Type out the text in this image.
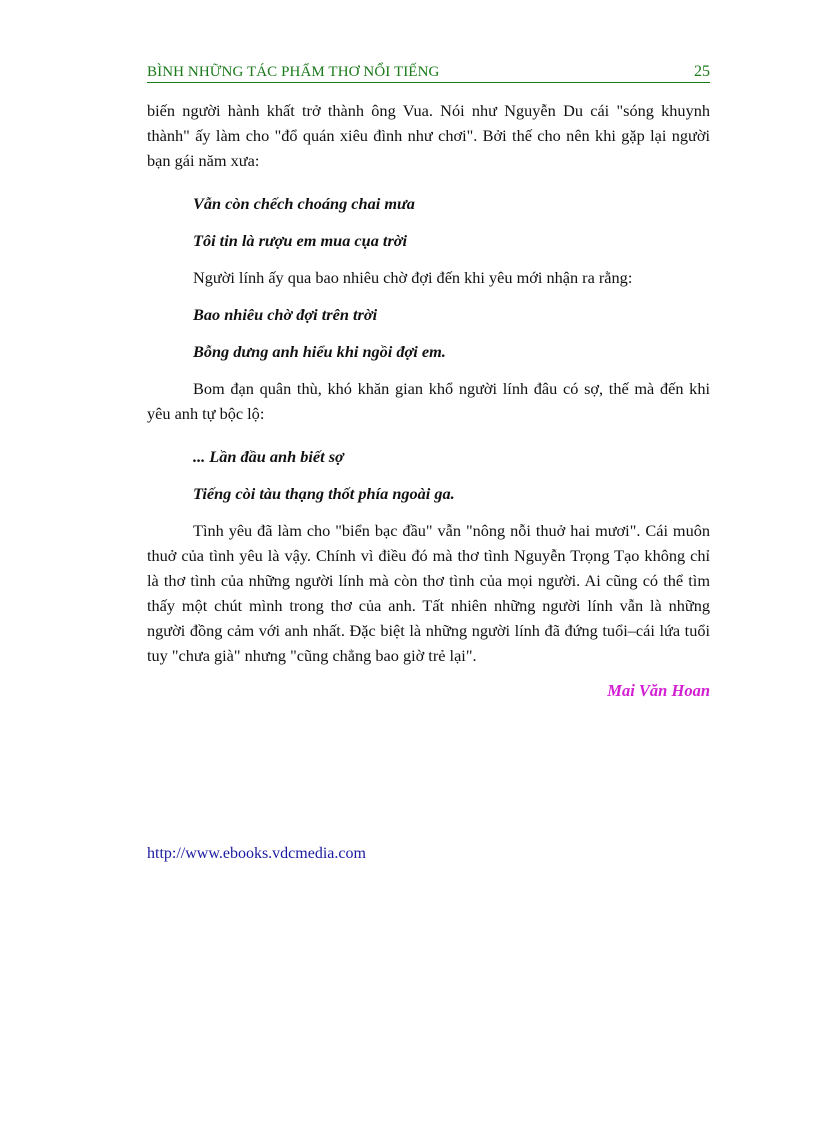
BÌNH NHỮNG TÁC PHẨM THƠ NỔI TIẾNG	25

biến người hành khất trở thành ông Vua. Nói như Nguyễn Du cái "sóng khuynh thành" ấy làm cho "đổ quán xiêu đình như chơi". Bởi thế cho nên khi gặp lại người bạn gái năm xưa:

Vẫn còn chếch choáng chai mưa

Tôi tin là rượu em mua cụa trời

Người lính ấy qua bao nhiêu chờ đợi đến khi yêu mới nhận ra rằng:

Bao nhiêu chờ đợi trên trời

Bỗng dưng anh hiểu khi ngồi đợi em.

Bom đạn quân thù, khó khăn gian khổ người lính đâu có sợ, thế mà đến khi yêu anh tự bộc lộ:

... Lần đầu anh biết sợ

Tiếng còi tàu thạng thốt phía ngoài ga.

Tình yêu đã làm cho "biển bạc đầu" vẫn "nông nỗi thuở hai mươi". Cái muôn thuở của tình yêu là vậy. Chính vì điều đó mà thơ tình Nguyễn Trọng Tạo không chỉ là thơ tình của những người lính mà còn thơ tình của mọi người. Ai cũng có thể tìm thấy một chút mình trong thơ của anh. Tất nhiên những người lính vẫn là những người đồng cảm với anh nhất. Đặc biệt là những người lính đã đứng tuổi–cái lứa tuổi tuy "chưa già" nhưng "cũng chẳng bao giờ trẻ lại".

Mai Văn Hoan

http://www.ebooks.vdcmedia.com
